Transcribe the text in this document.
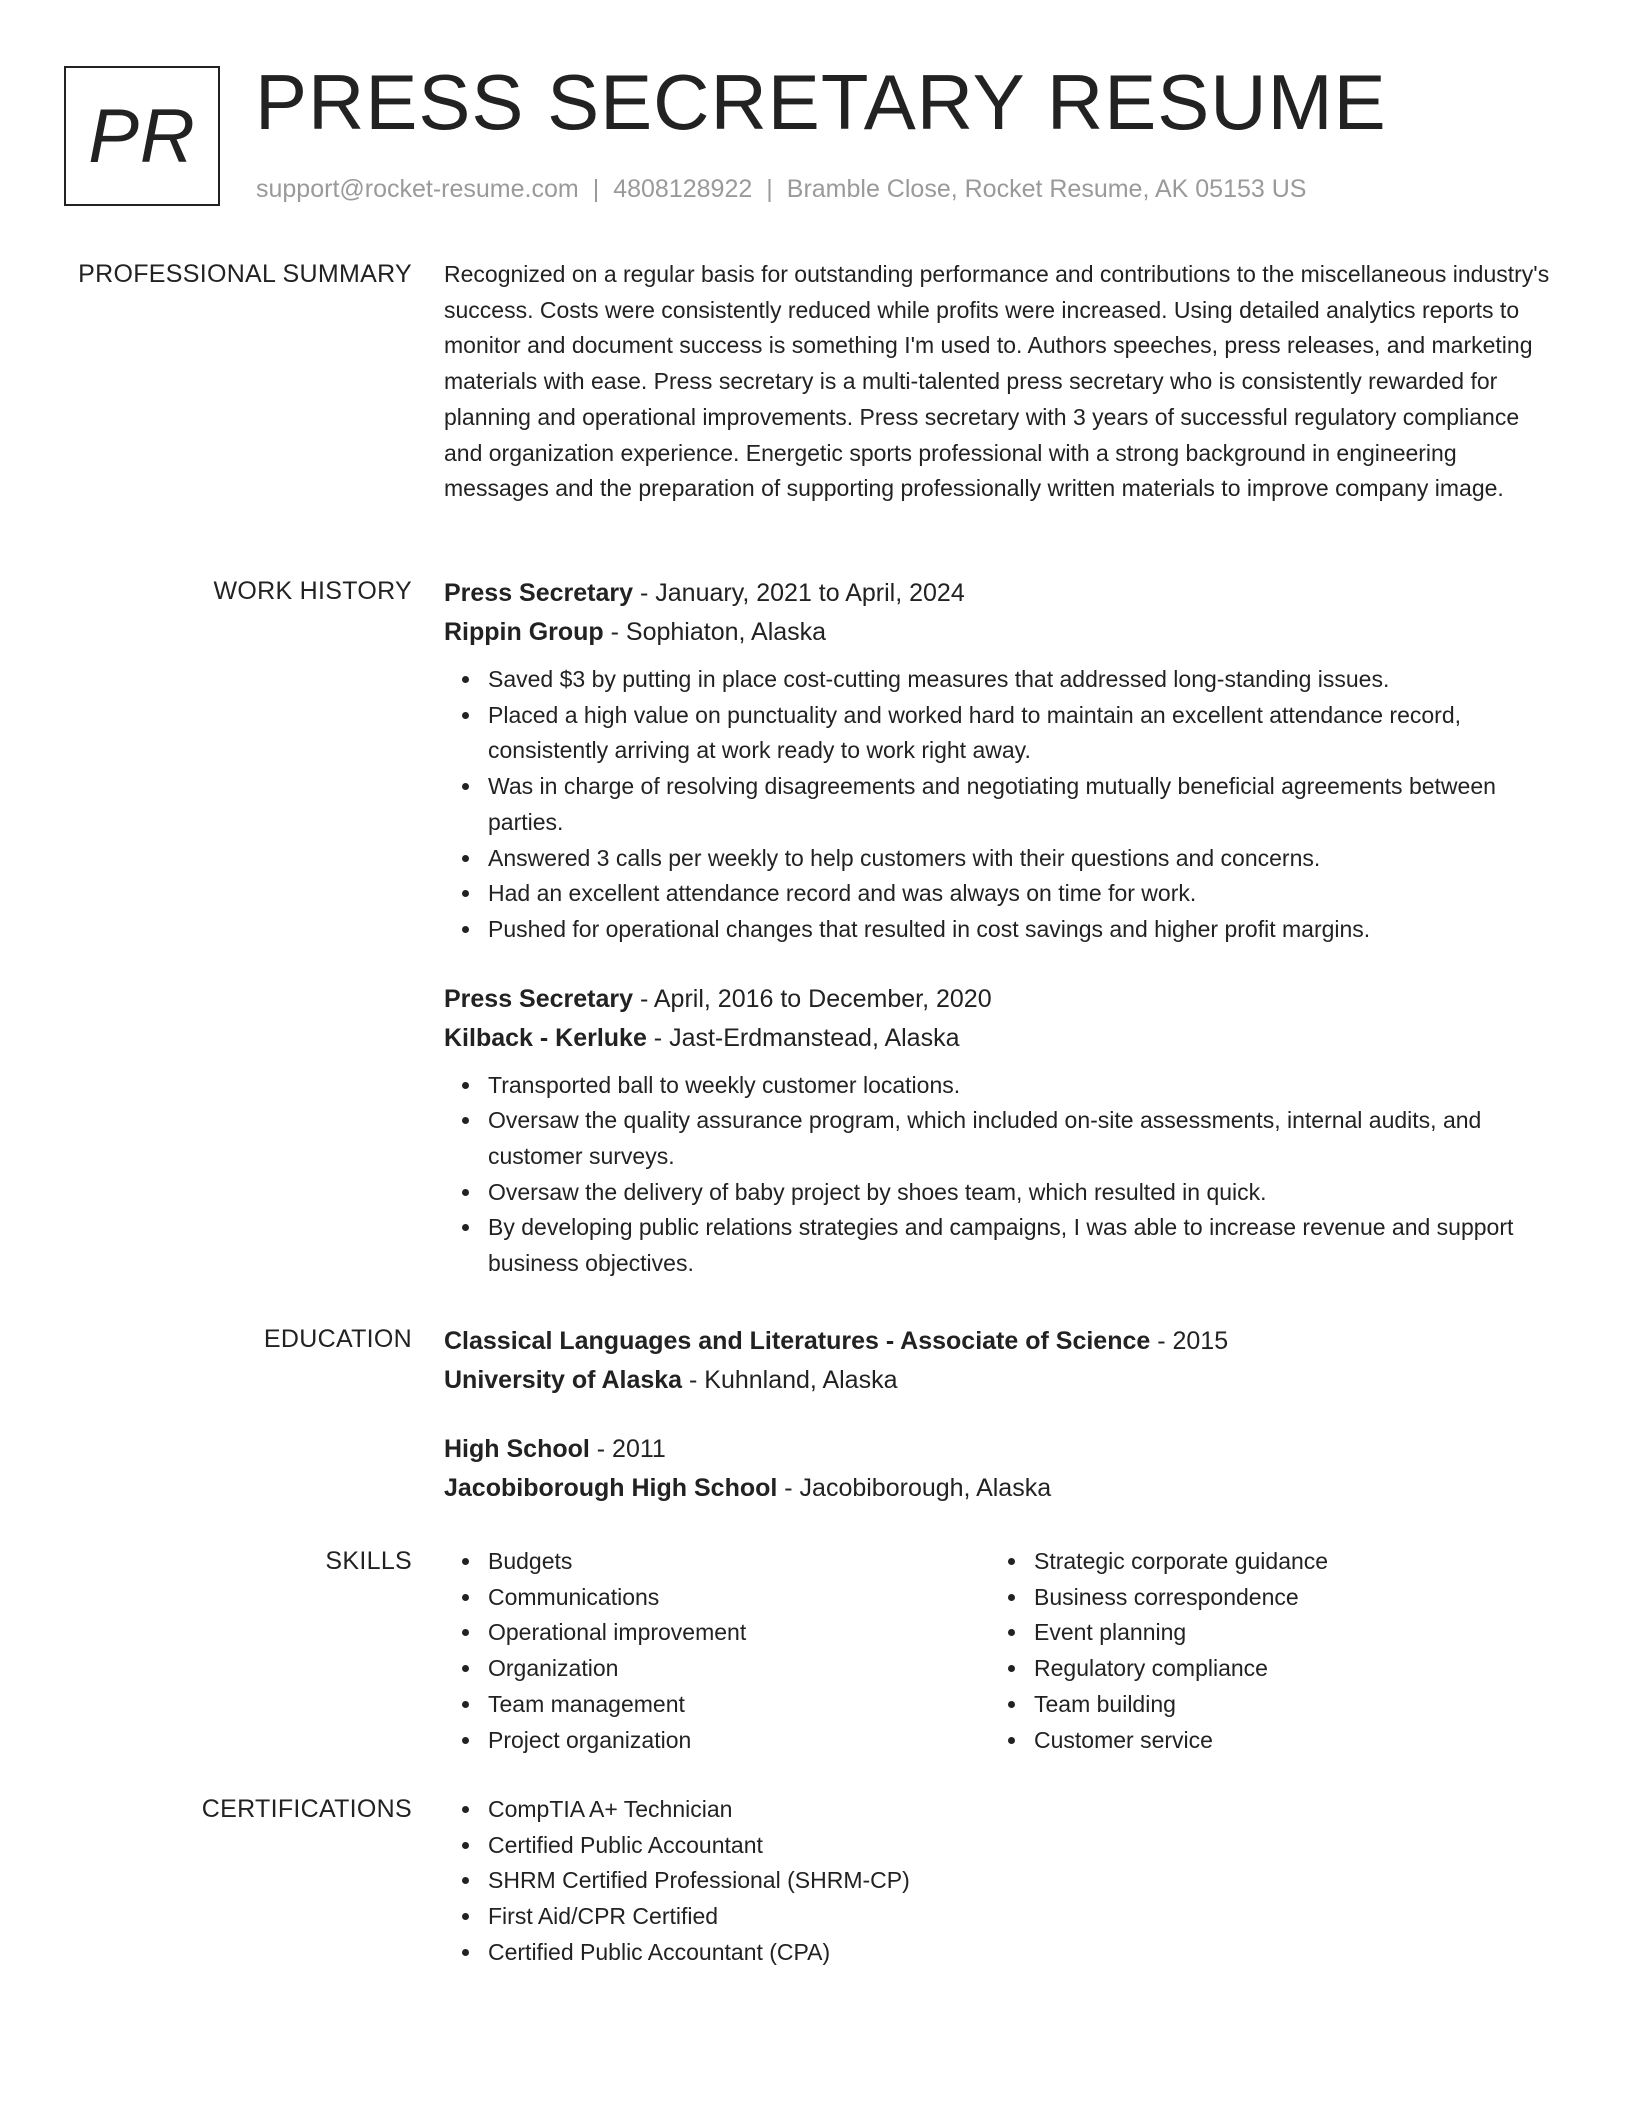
PR PRESS SECRETARY RESUME
support@rocket-resume.com | 4808128922 | Bramble Close, Rocket Resume, AK 05153 US
PROFESSIONAL SUMMARY Recognized on a regular basis for outstanding performance and contributions to the miscellaneous industry's success. Costs were consistently reduced while profits were increased. Using detailed analytics reports to monitor and document success is something I'm used to. Authors speeches, press releases, and marketing materials with ease. Press secretary is a multi-talented press secretary who is consistently rewarded for planning and operational improvements. Press secretary with 3 years of successful regulatory compliance and organization experience. Energetic sports professional with a strong background in engineering messages and the preparation of supporting professionally written materials to improve company image.

WORK HISTORY Press Secretary - January, 2021 to April, 2024

Rippin Group - Sophiaton, Alaska

Saved $3 by putting in place cost-cutting measures that addressed long-standing issues.
Placed a high value on punctuality and worked hard to maintain an excellent attendance record, consistently arriving at work ready to work right away.
Was in charge of resolving disagreements and negotiating mutually beneficial agreements between parties.
Answered 3 calls per weekly to help customers with their questions and concerns.
Had an excellent attendance record and was always on time for work.
Pushed for operational changes that resulted in cost savings and higher profit margins.

Press Secretary - April, 2016 to December, 2020

Kilback - Kerluke - Jast-Erdmanstead, Alaska

Transported ball to weekly customer locations.
Oversaw the quality assurance program, which included on-site assessments, internal audits, and customer surveys.
Oversaw the delivery of baby project by shoes team, which resulted in quick.
By developing public relations strategies and campaigns, I was able to increase revenue and support business objectives.
EDUCATION Classical Languages and Literatures - Associate of Science - 2015

University of Alaska - Kuhnland, Alaska

High School - 2011

Jacobiborough High School - Jacobiborough, Alaska

SKILLS	Budgets
Communications
Operational improvement
Organization
Team management
Project organization
Strategic corporate guidance
Business correspondence
Event planning
Regulatory compliance
Team building
Customer service
CERTIFICATIONS	CompTIA A+ Technician
Certified Public Accountant
SHRM Certified Professional (SHRM-CP)
First Aid/CPR Certified
Certified Public Accountant (CPA)
